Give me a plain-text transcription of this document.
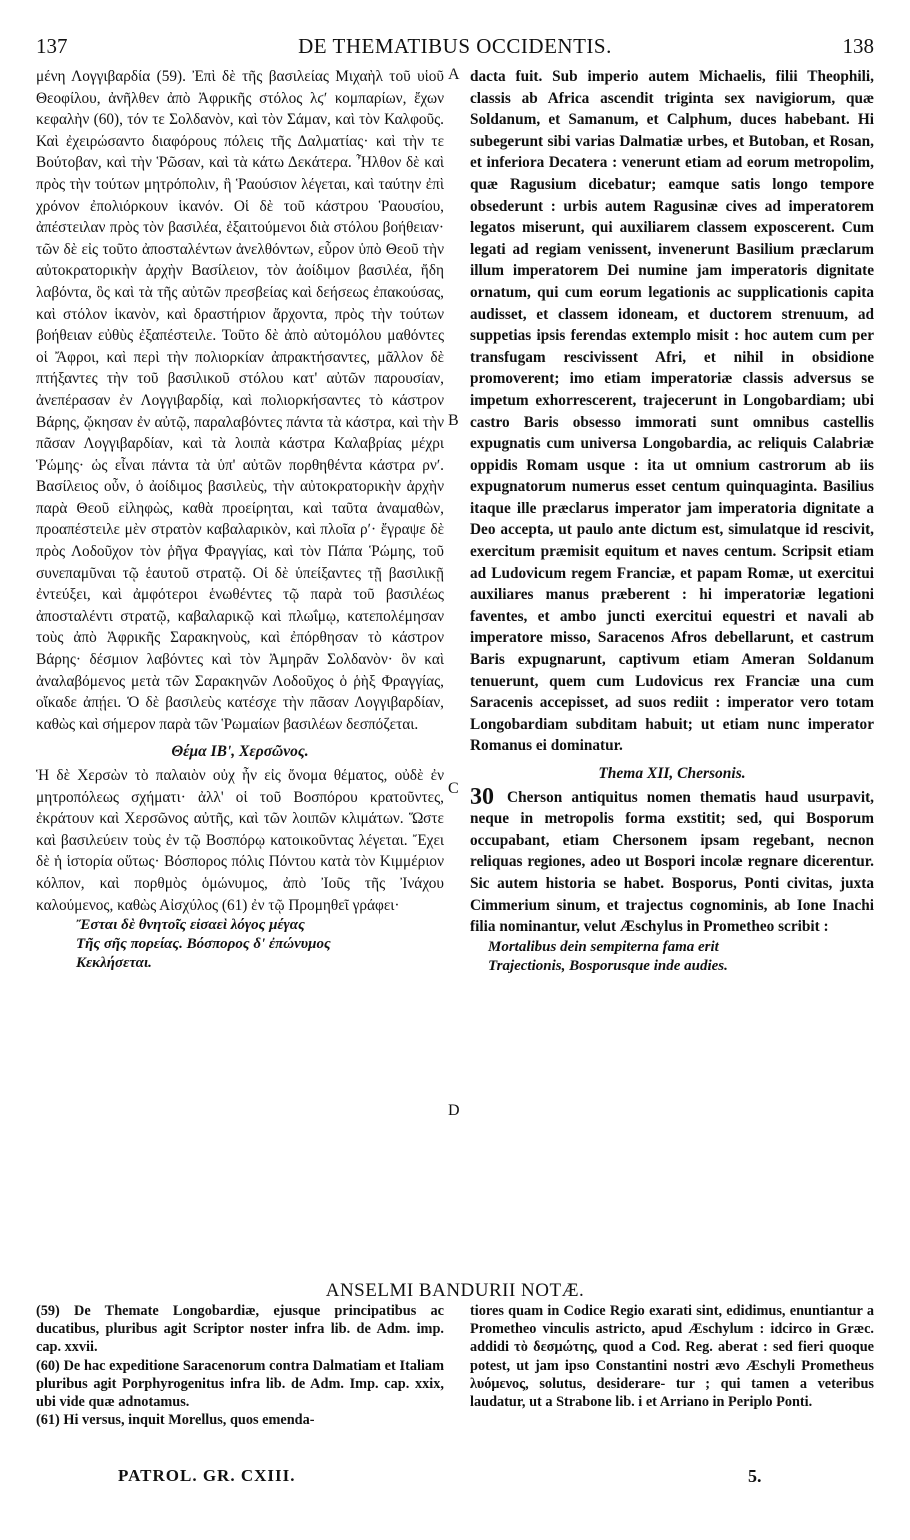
137	DE THEMATIBUS OCCIDENTIS.	138

μένη Λογγιβαρδία (59). Ἐπὶ δὲ τῆς βασιλείας Μιχαὴλ τοῦ υἱοῦ Θεοφίλου, ἀνῆλθεν ἀπὸ Ἀφρικῆς στόλος λϛʹ κομπαρίων, ἔχων κεφαλὴν (60), τόν τε Σολδανὸν, καὶ τὸν Σάμαν, καὶ τὸν Καλφοῦς. Καὶ ἐχειρώσαντο διαφόρους πόλεις τῆς Δαλματίας· καὶ τὴν τε Βούτοβαν, καὶ τὴν Ῥῶσαν, καὶ τὰ κάτω Δεκάτερα. Ἦλθον δὲ καὶ πρὸς τὴν τούτων μητρόπολιν, ἣ Ῥαούσιον λέγεται, καὶ ταύτην ἐπὶ χρόνον ἐπολιόρκουν ἱκανόν. Οἱ δὲ τοῦ κάστρου Ῥαουσίου, ἀπέστειλαν πρὸς τὸν βασιλέα, ἐξαιτούμενοι διὰ στόλου βοήθειαν· τῶν δὲ εἰς τοῦτο ἀποσταλέντων ἀνελθόντων, εὗρον ὑπὸ Θεοῦ τὴν αὐτοκρατορικὴν ἀρχὴν Βασίλειον, τὸν ἀοίδιμον βασιλέα, ἤδη λαβόντα, ὃς καὶ τὰ τῆς αὐτῶν πρεσβείας καὶ δεήσεως ἐπακούσας, καὶ στόλον ἱκανὸν, καὶ δραστήριον ἄρχοντα, πρὸς τὴν τούτων βοήθειαν εὐθὺς ἐξαπέστειλε. Τοῦτο δὲ ἀπὸ αὐτομόλου μαθόντες οἱ Ἄφροι, καὶ περὶ τὴν πολιορκίαν ἀπρακτήσαντες, μᾶλλον δὲ πτήξαντες τὴν τοῦ βασιλικοῦ στόλου κατ' αὐτῶν παρουσίαν, ἀνεπέρασαν ἐν Λογγιβαρδίᾳ, καὶ πολιορκήσαντες τὸ κάστρον Βάρης, ᾤκησαν ἐν αὐτῷ, παραλαβόντες πάντα τὰ κάστρα, καὶ τὴν πᾶσαν Λογγιβαρδίαν, καὶ τὰ λοιπὰ κάστρα Καλαβρίας μέχρι Ῥώμης· ὡς εἶναι πάντα τὰ ὑπ' αὐτῶν πορθηθέντα κάστρα ρνʹ. Βασίλειος οὖν, ὁ ἀοίδιμος βασιλεὺς, τὴν αὐτοκρατορικὴν ἀρχὴν παρὰ Θεοῦ εἰληφὼς, καθὰ προείρηται, καὶ ταῦτα ἀναμαθὼν, προαπέστειλε μὲν στρατὸν καβαλαρικὸν, καὶ πλοῖα ρʹ· ἔγραψε δὲ πρὸς Λοδοῦχον τὸν ῥῆγα Φραγγίας, καὶ τὸν Πάπα Ῥώμης, τοῦ συνεπαμῦναι τῷ ἑαυτοῦ στρατῷ. Οἱ δὲ ὑπείξαντες τῇ βασιλικῇ ἐντεύξει, καὶ ἀμφότεροι ἑνωθέντες τῷ παρὰ τοῦ βασιλέως ἀποσταλέντι στρατῷ, καβαλαρικῷ καὶ πλωΐμῳ, κατεπολέμησαν τοὺς ἀπὸ Ἀφρικῆς Σαρακηνοὺς, καὶ ἐπόρθησαν τὸ κάστρον Βάρης· δέσμιον λαβόντες καὶ τὸν Ἀμηρᾶν Σολδανὸν· ὃν καὶ ἀναλαβόμενος μετὰ τῶν Σαρακηνῶν Λοδοῦχος ὁ ῥὴξ Φραγγίας, οἴκαδε ἀπῄει. Ὁ δὲ βασιλεὺς κατέσχε τὴν πᾶσαν Λογγιβαρδίαν, καθὼς καὶ σήμερον παρὰ τῶν Ῥωμαίων βασιλέων δεσπόζεται.

Θέμα ΙΒʹ, Χερσῶνος.

Ἡ δὲ Χερσὼν τὸ παλαιὸν οὐχ ἦν εἰς ὄνομα θέματος, οὐδὲ ἐν μητροπόλεως σχήματι· ἀλλ' οἱ τοῦ Βοσπόρου κρατοῦντες, ἐκράτουν καὶ Χερσῶνος αὐτῆς, καὶ τῶν λοιπῶν κλιμάτων. Ὥστε καὶ βασιλεύειν τοὺς ἐν τῷ Βοσπόρῳ κατοικοῦντας λέγεται. Ἔχει δὲ ἡ ἱστορία οὕτως· Βόσπορος πόλις Πόντου κατὰ τὸν Κιμμέριον κόλπον, καὶ πορθμὸς ὁμώνυμος, ἀπὸ Ἰοῦς τῆς Ἰνάχου καλούμενος, καθὼς Αἰσχύλος (61) ἐν τῷ Προμηθεῖ γράφει·

Ἔσται δὲ θνητοῖς εἰσαεὶ λόγος μέγας
Τῆς σῆς πορείας. Βόσπορος δ' ἐπώνυμος
Κεκλήσεται.
A
B
C
D

dacta fuit. Sub imperio autem Michaelis, filii Theophili, classis ab Africa ascendit triginta sex navigiorum, quæ Soldanum, et Samanum, et Calphum, duces habebant. Hi subegerunt sibi varias Dalmatiæ urbes, et Butoban, et Rosan, et inferiora Decatera : venerunt etiam ad eorum metropolim, quæ Ragusium dicebatur; eamque satis longo tempore obsederunt : urbis autem Ragusinæ cives ad imperatorem legatos miserunt, qui auxiliarem classem exposcerent. Cum legati ad regiam venissent, invenerunt Basilium præclarum illum imperatorem Dei numine jam imperatoris dignitate ornatum, qui cum eorum legationis ac supplicationis capita audisset, et classem idoneam, et ductorem strenuum, ad suppetias ipsis ferendas extemplo misit : hoc autem cum per transfugam rescivissent Afri, et nihil in obsidione promoverent; imo etiam imperatoriæ classis adversus se impetum exhorrescerent, trajecerunt in Longobardiam; ubi castro Baris obsesso immorati sunt omnibus castellis expugnatis cum universa Longobardia, ac reliquis Calabriæ oppidis Romam usque : ita ut omnium castrorum ab iis expugnatorum numerus esset centum quinquaginta. Basilius itaque ille præclarus imperator jam imperatoria dignitate a Deo accepta, ut paulo ante dictum est, simulatque id rescivit, exercitum præmisit equitum et naves centum. Scripsit etiam ad Ludovicum regem Franciæ, et papam Romæ, ut exercitui auxiliares manus præberent : hi imperatoriæ legationi faventes, et ambo juncti exercitui equestri et navali ab imperatore misso, Saracenos Afros debellarunt, et castrum Baris expugnarunt, captivum etiam Ameran Soldanum tenuerunt, quem cum Ludovicus rex Franciæ una cum Saracenis accepisset, ad suos rediit : imperator vero totam Longobardiam subditam habuit; ut etiam nunc imperator Romanus ei dominatur.

Thema XII, Chersonis.

30 Cherson antiquitus nomen thematis haud usurpavit, neque in metropolis forma exstitit; sed, qui Bosporum occupabant, etiam Chersonem ipsam regebant, necnon reliquas regiones, adeo ut Bospori incolæ regnare dicerentur. Sic autem historia se habet. Bosporus, Ponti civitas, juxta Cimmerium sinum, et trajectus cognominis, ab Ione Inachi filia nominantur, velut Æschylus in Prometheo scribit :

Mortalibus dein sempiterna fama erit
Trajectionis, Bosporusque inde audies.
ANSELMI BANDURII NOTÆ.

(59) De Themate Longobardiæ, ejusque principatibus ac ducatibus, pluribus agit Scriptor noster infra lib. de Adm. imp. cap. xxvii.

(60) De hac expeditione Saracenorum contra Dalmatiam et Italiam pluribus agit Porphyrogenitus infra lib. de Adm. Imp. cap. xxix, ubi vide quæ adnotamus.

(61) Hi versus, inquit Morellus, quos emenda-

tiores quam in Codice Regio exarati sint, edidimus, enuntiantur a Prometheo vinculis astricto, apud Æschylum : idcirco in Græc. addidi τὸ δεσμώτης, quod a Cod. Reg. aberat : sed fieri quoque potest, ut jam ipso Constantini nostri ævo Æschyli Prometheus λυόμενος, solutus, desiderare- tur ; qui tamen a veteribus laudatur, ut a Strabone lib. i et Arriano in Periplo Ponti.

PATROL. GR. CXIII.	5.
